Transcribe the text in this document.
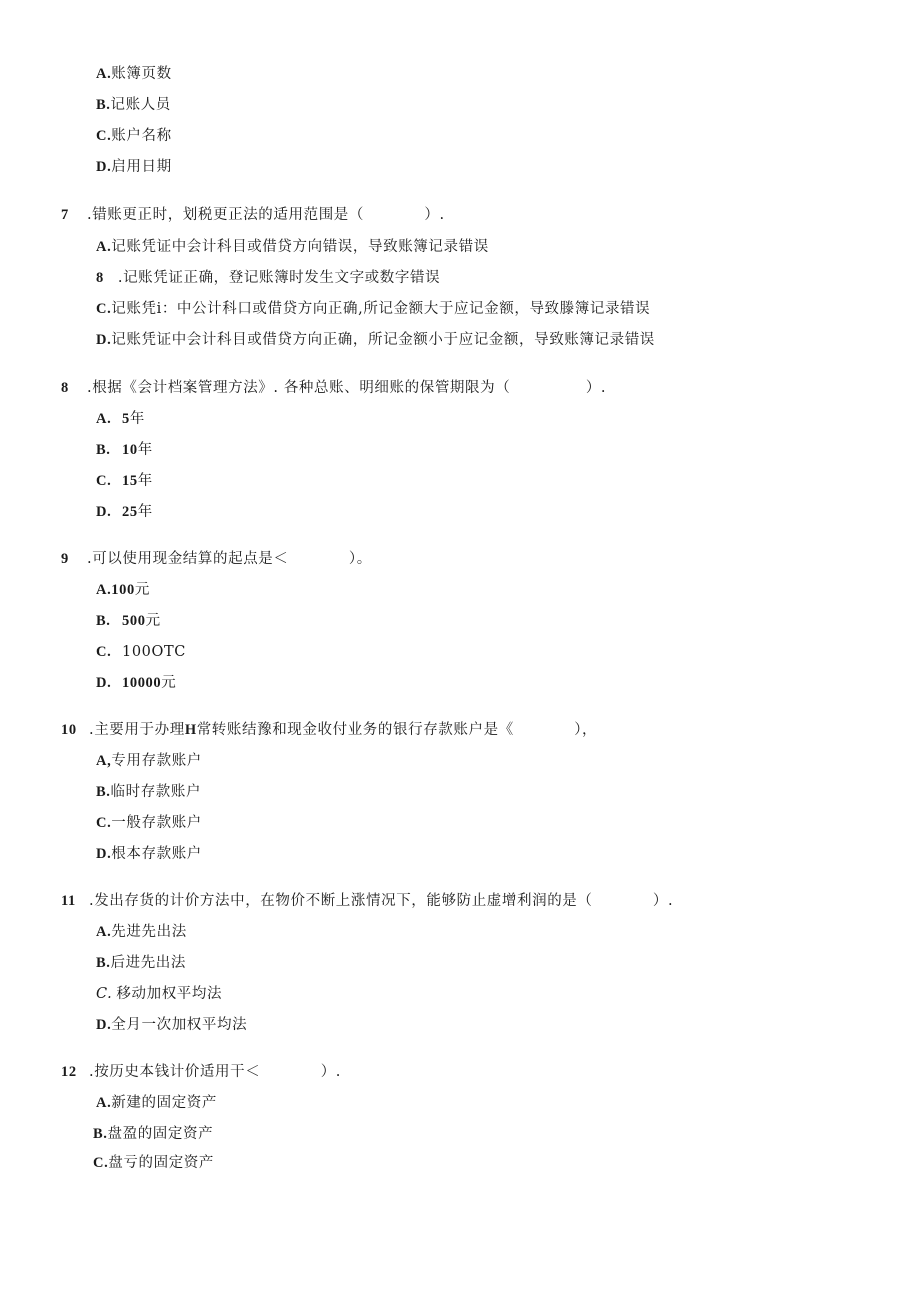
A.账簿页数
B.记账人员
C.账户名称
D.启用日期
7 .错账更正时，划税更正法的适用范围是（　　　　）.
A.记账凭证中会计科目或借贷方向错误，导致账簿记录错误
8 .记账凭证正确，登记账簿时发生文字或数字错误
C.记账凭i：中公计科口或借贷方向正确,所记金额大于应记金额，导致滕簿记录错误
D.记账凭证中会计科目或借贷方向正确，所记金额小于应记金额，导致账簿记录错误
8 .根据《会计档案管理方法》. 各种总账、明细账的保管期限为（　　　　　）.
A. 5年
B. 10年
C. 15年
D. 25年
9 .可以使用现金结算的起点是＜　　　　）。
A.100元
B. 500元
C. 100OTC
D. 10000元
10 .主要用于办理H常转账结豫和现金收付业务的银行存款账户是《　　　　），
A,专用存款账户
B.临时存款账户
C.一般存款账户
D.根本存款账户
11 .发出存货的计价方法中，在物价不断上涨情况下，能够防止虚增利润的是（　　　　）.
A.先进先出法
B.后进先出法
C. 移动加权平均法
D.全月一次加权平均法
12 .按历史本钱计价适用干＜　　　　）.
A.新建的固定资产
B.盘盈的固定资产
C.盘亏的固定资产
